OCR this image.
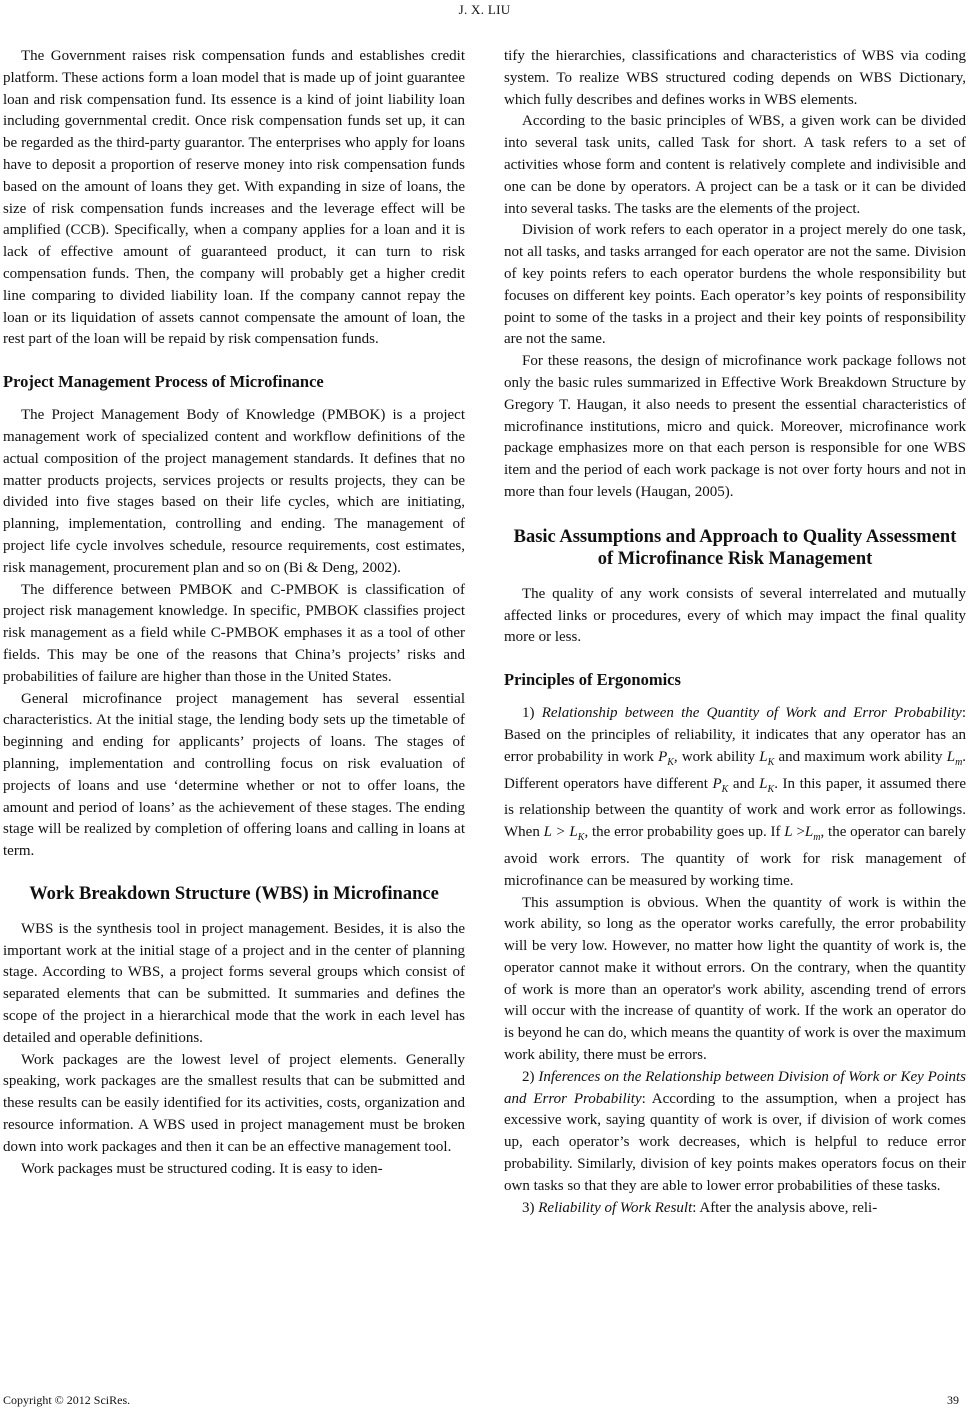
J. X. LIU

The Government raises risk compensation funds and establishes credit platform. These actions form a loan model that is made up of joint guarantee loan and risk compensation fund. Its essence is a kind of joint liability loan including governmental credit. Once risk compensation funds set up, it can be regarded as the third-party guarantor. The enterprises who apply for loans have to deposit a proportion of reserve money into risk compensation funds based on the amount of loans they get. With expanding in size of loans, the size of risk compensation funds increases and the leverage effect will be amplified (CCB). Specifically, when a company applies for a loan and it is lack of effective amount of guaranteed product, it can turn to risk compensation funds. Then, the company will probably get a higher credit line comparing to divided liability loan. If the company cannot repay the loan or its liquidation of assets cannot compensate the amount of loan, the rest part of the loan will be repaid by risk compensation funds.

Project Management Process of Microfinance

The Project Management Body of Knowledge (PMBOK) is a project management work of specialized content and workflow definitions of the actual composition of the project management standards. It defines that no matter products projects, services projects or results projects, they can be divided into five stages based on their life cycles, which are initiating, planning, implementation, controlling and ending. The management of project life cycle involves schedule, resource requirements, cost estimates, risk management, procurement plan and so on (Bi & Deng, 2002).

The difference between PMBOK and C-PMBOK is classification of project risk management knowledge. In specific, PMBOK classifies project risk management as a field while C-PMBOK emphases it as a tool of other fields. This may be one of the reasons that China’s projects’ risks and probabilities of failure are higher than those in the United States.

General microfinance project management has several essential characteristics. At the initial stage, the lending body sets up the timetable of beginning and ending for applicants’ projects of loans. The stages of planning, implementation and controlling focus on risk evaluation of projects of loans and use ‘determine whether or not to offer loans, the amount and period of loans’ as the achievement of these stages. The ending stage will be realized by completion of offering loans and calling in loans at term.

Work Breakdown Structure (WBS) in Microfinance

WBS is the synthesis tool in project management. Besides, it is also the important work at the initial stage of a project and in the center of planning stage. According to WBS, a project forms several groups which consist of separated elements that can be submitted. It summaries and defines the scope of the project in a hierarchical mode that the work in each level has detailed and operable definitions.

Work packages are the lowest level of project elements. Generally speaking, work packages are the smallest results that can be submitted and these results can be easily identified for its activities, costs, organization and resource information. A WBS used in project management must be broken down into work packages and then it can be an effective management tool.

Work packages must be structured coding. It is easy to iden-

tify the hierarchies, classifications and characteristics of WBS via coding system. To realize WBS structured coding depends on WBS Dictionary, which fully describes and defines works in WBS elements.

According to the basic principles of WBS, a given work can be divided into several task units, called Task for short. A task refers to a set of activities whose form and content is relatively complete and indivisible and one can be done by operators. A project can be a task or it can be divided into several tasks. The tasks are the elements of the project.

Division of work refers to each operator in a project merely do one task, not all tasks, and tasks arranged for each operator are not the same. Division of key points refers to each operator burdens the whole responsibility but focuses on different key points. Each operator’s key points of responsibility point to some of the tasks in a project and their key points of responsibility are not the same.

For these reasons, the design of microfinance work package follows not only the basic rules summarized in Effective Work Breakdown Structure by Gregory T. Haugan, it also needs to present the essential characteristics of microfinance institutions, micro and quick. Moreover, microfinance work package emphasizes more on that each person is responsible for one WBS item and the period of each work package is not over forty hours and not in more than four levels (Haugan, 2005).

Basic Assumptions and Approach to Quality Assessment of Microfinance Risk Management

The quality of any work consists of several interrelated and mutually affected links or procedures, every of which may impact the final quality more or less.

Principles of Ergonomics

1) Relationship between the Quantity of Work and Error Probability: Based on the principles of reliability, it indicates that any operator has an error probability in work $P_K$, work ability $L_K$ and maximum work ability $L_m$. Different operators have different $P_K$ and $L_K$. In this paper, it assumed there is relationship between the quantity of work and work error as followings. When $L > L_K$, the error probability goes up. If $L >L_m$, the operator can barely avoid work errors. The quantity of work for risk management of microfinance can be measured by working time.

This assumption is obvious. When the quantity of work is within the work ability, so long as the operator works carefully, the error probability will be very low. However, no matter how light the quantity of work is, the operator cannot make it without errors. On the contrary, when the quantity of work is more than an operator's work ability, ascending trend of errors will occur with the increase of quantity of work. If the work an operator do is beyond he can do, which means the quantity of work is over the maximum work ability, there must be errors.

2) Inferences on the Relationship between Division of Work or Key Points and Error Probability: According to the assumption, when a project has excessive work, saying quantity of work is over, if division of work comes up, each operator’s work decreases, which is helpful to reduce error probability. Similarly, division of key points makes operators focus on their own tasks so that they are able to lower error probabilities of these tasks.

3) Reliability of Work Result: After the analysis above, reli-

Copyright © 2012 SciRes.	39
